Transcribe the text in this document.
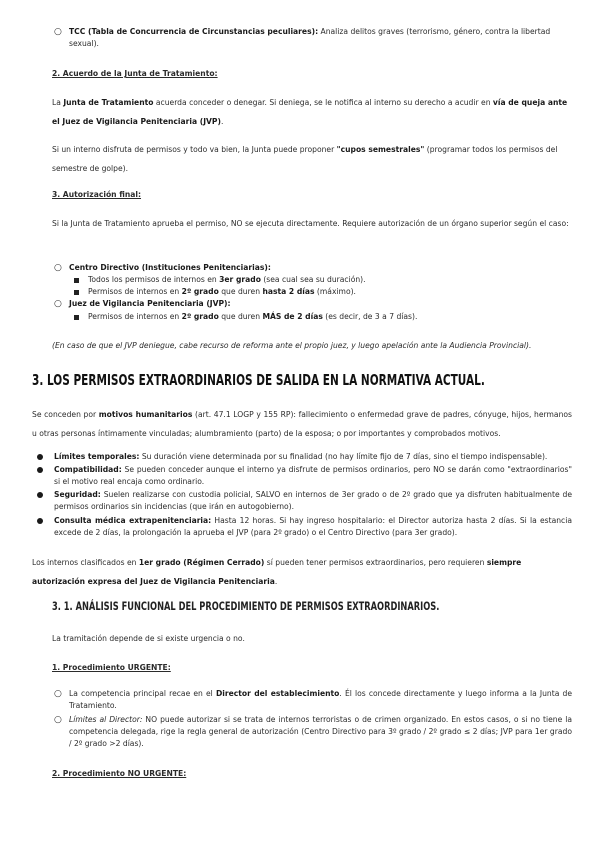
○ TCC (Tabla de Concurrencia de Circunstancias peculiares): Analiza delitos graves (terrorismo, género, contra la libertad sexual).

2. Acuerdo de la Junta de Tratamiento:

La Junta de Tratamiento acuerda conceder o denegar. Si deniega, se le notifica al interno su derecho a acudir en vía de queja ante el Juez de Vigilancia Penitenciaria (JVP).

Si un interno disfruta de permisos y todo va bien, la Junta puede proponer "cupos semestrales" (programar todos los permisos del semestre de golpe).

3. Autorización final:

Si la Junta de Tratamiento aprueba el permiso, NO se ejecuta directamente. Requiere autorización de un órgano superior según el caso:

○ Centro Directivo (Instituciones Penitenciarias):
Todos los permisos de internos en 3er grado (sea cual sea su duración).
Permisos de internos en 2º grado que duren hasta 2 días (máximo).
○ Juez de Vigilancia Penitenciaria (JVP):
Permisos de internos en 2º grado que duren MÁS de 2 días (es decir, de 3 a 7 días).

(En caso de que el JVP deniegue, cabe recurso de reforma ante el propio juez, y luego apelación ante la Audiencia Provincial).

3. LOS PERMISOS EXTRAORDINARIOS DE SALIDA EN LA NORMATIVA ACTUAL.

Se conceden por motivos humanitarios (art. 47.1 LOGP y 155 RP): fallecimiento o enfermedad grave de padres, cónyuge, hijos, hermanos u otras personas íntimamente vinculadas; alumbramiento (parto) de la esposa; o por importantes y comprobados motivos.

Límites temporales: Su duración viene determinada por su finalidad (no hay límite fijo de 7 días, sino el tiempo indispensable).
Compatibilidad: Se pueden conceder aunque el interno ya disfrute de permisos ordinarios, pero NO se darán como "extraordinarios" si el motivo real encaja como ordinario.
Seguridad: Suelen realizarse con custodia policial, SALVO en internos de 3er grado o de 2º grado que ya disfruten habitualmente de permisos ordinarios sin incidencias (que irán en autogobierno).
Consulta médica extrapenitenciaria: Hasta 12 horas. Si hay ingreso hospitalario: el Director autoriza hasta 2 días. Si la estancia excede de 2 días, la prolongación la aprueba el JVP (para 2º grado) o el Centro Directivo (para 3er grado).

Los internos clasificados en 1er grado (Régimen Cerrado) sí pueden tener permisos extraordinarios, pero requieren siempre autorización expresa del Juez de Vigilancia Penitenciaria.

3. 1. ANÁLISIS FUNCIONAL DEL PROCEDIMIENTO DE PERMISOS EXTRAORDINARIOS.

La tramitación depende de si existe urgencia o no.

1. Procedimiento URGENTE:

○ La competencia principal recae en el Director del establecimiento. Él los concede directamente y luego informa a la Junta de Tratamiento.
○ Límites al Director: NO puede autorizar si se trata de internos terroristas o de crimen organizado. En estos casos, o si no tiene la competencia delegada, rige la regla general de autorización (Centro Directivo para 3º grado / 2º grado ≤ 2 días; JVP para 1er grado / 2º grado >2 días).

2. Procedimiento NO URGENTE:
